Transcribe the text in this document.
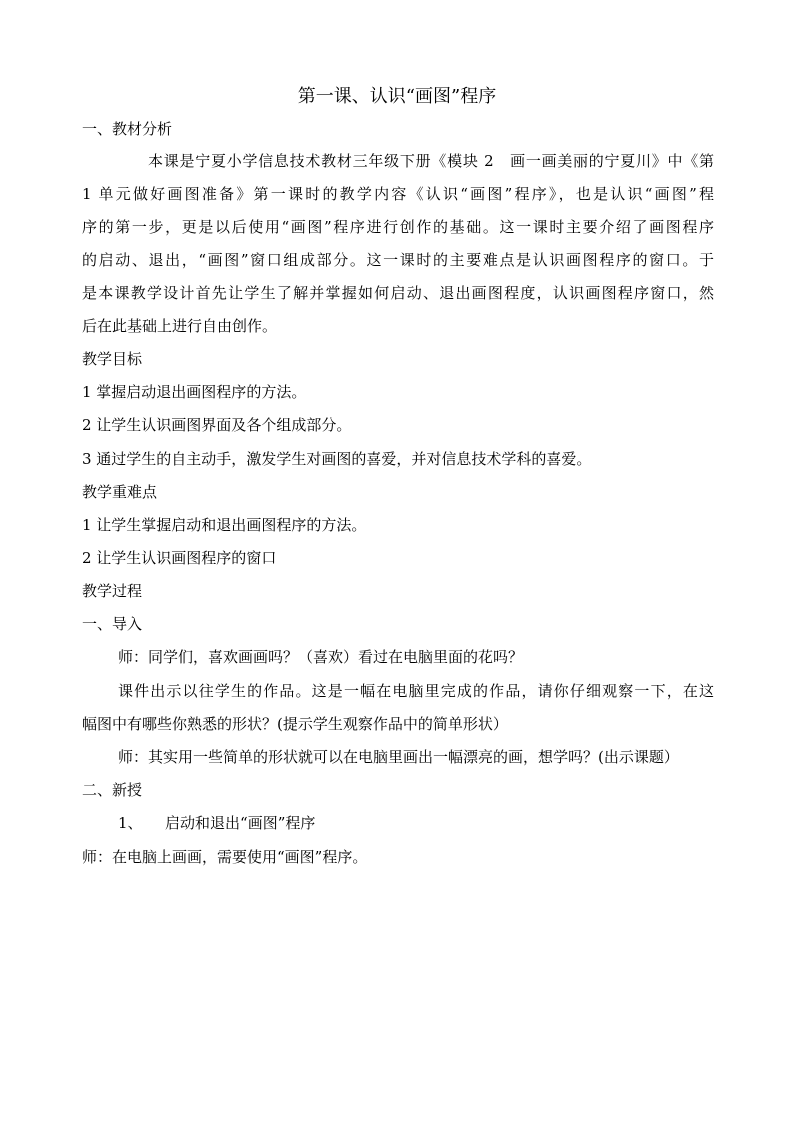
第一课、认识“画图”程序

一、教材分析

本课是宁夏小学信息技术教材三年级下册《模块 2　画一画美丽的宁夏川》中《第

1 单元做好画图准备》第一课时的教学内容《认识“画图”程序》，也是认识“画图”程

序的第一步，更是以后使用“画图”程序进行创作的基础。这一课时主要介绍了画图程序

的启动、退出，“画图”窗口组成部分。这一课时的主要难点是认识画图程序的窗口。于

是本课教学设计首先让学生了解并掌握如何启动、退出画图程度，认识画图程序窗口，然

后在此基础上进行自由创作。

教学目标

1 掌握启动退出画图程序的方法。

2 让学生认识画图界面及各个组成部分。

3 通过学生的自主动手，激发学生对画图的喜爱，并对信息技术学科的喜爱。

教学重难点

1 让学生掌握启动和退出画图程序的方法。

2 让学生认识画图程序的窗口

教学过程

一、导入

师：同学们，喜欢画画吗？（喜欢）看过在电脑里面的花吗？

课件出示以往学生的作品。这是一幅在电脑里完成的作品，请你仔细观察一下，在这

幅图中有哪些你熟悉的形状？(提示学生观察作品中的简单形状）

师：其实用一些简单的形状就可以在电脑里画出一幅漂亮的画，想学吗？(出示课题）

二、新授

1、　　启动和退出“画图”程序

师：在电脑上画画，需要使用“画图”程序。
